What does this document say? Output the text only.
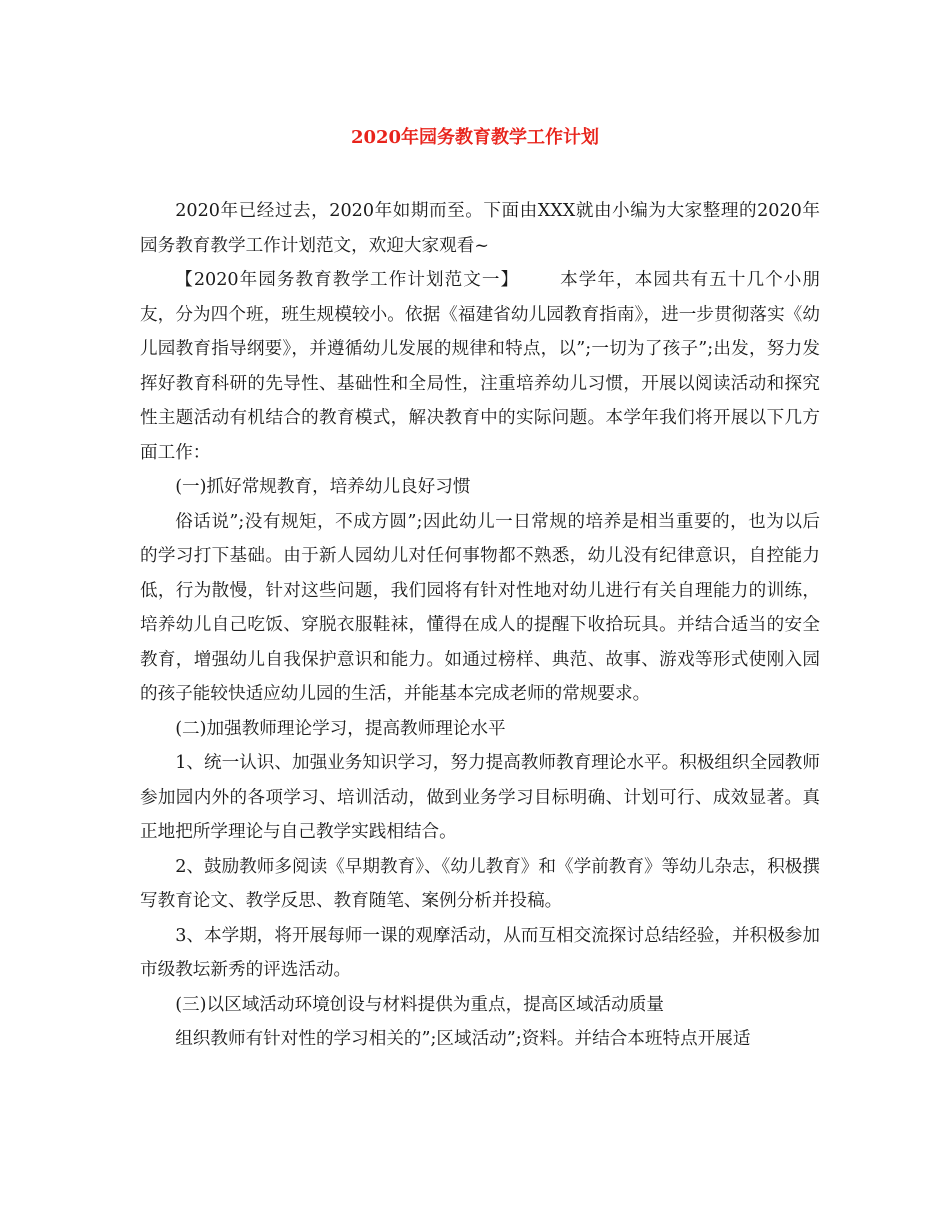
2020年园务教育教学工作计划

2020年已经过去，2020年如期而至。下面由XXX就由小编为大家整理的2020年园务教育教学工作计划范文，欢迎大家观看~

【2020年园务教育教学工作计划范文一】 本学年，本园共有五十几个小朋友，分为四个班，班生规模较小。依据《福建省幼儿园教育指南》，进一步贯彻落实《幼儿园教育指导纲要》，并遵循幼儿发展的规律和特点，以”;一切为了孩子”;出发，努力发挥好教育科研的先导性、基础性和全局性，注重培养幼儿习惯，开展以阅读活动和探究性主题活动有机结合的教育模式，解决教育中的实际问题。本学年我们将开展以下几方面工作：

(一)抓好常规教育，培养幼儿良好习惯

俗话说”;没有规矩，不成方圆”;因此幼儿一日常规的培养是相当重要的，也为以后的学习打下基础。由于新人园幼儿对任何事物都不熟悉，幼儿没有纪律意识，自控能力低，行为散慢，针对这些问题，我们园将有针对性地对幼儿进行有关自理能力的训练，培养幼儿自己吃饭、穿脱衣服鞋袜，懂得在成人的提醒下收拾玩具。并结合适当的安全教育，增强幼儿自我保护意识和能力。如通过榜样、典范、故事、游戏等形式使刚入园的孩子能较快适应幼儿园的生活，并能基本完成老师的常规要求。

(二)加强教师理论学习，提高教师理论水平

1、统一认识、加强业务知识学习，努力提高教师教育理论水平。积极组织全园教师参加园内外的各项学习、培训活动，做到业务学习目标明确、计划可行、成效显著。真正地把所学理论与自己教学实践相结合。

2、鼓励教师多阅读《早期教育》、《幼儿教育》和《学前教育》等幼儿杂志，积极撰写教育论文、教学反思、教育随笔、案例分析并投稿。

3、本学期，将开展每师一课的观摩活动，从而互相交流探讨总结经验，并积极参加市级教坛新秀的评选活动。

(三)以区域活动环境创设与材料提供为重点，提高区域活动质量

组织教师有针对性的学习相关的”;区域活动”;资料。并结合本班特点开展适
